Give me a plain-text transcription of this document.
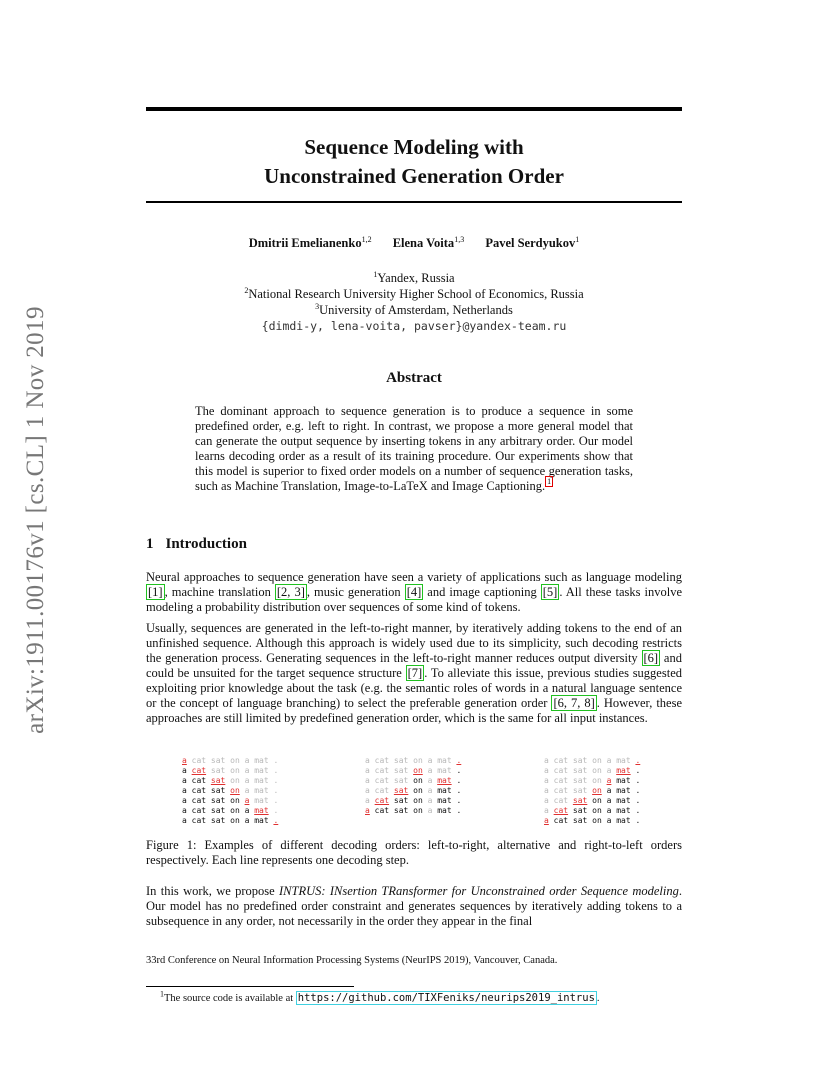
arXiv:1911.00176v1 [cs.CL] 1 Nov 2019
Sequence Modeling with
Unconstrained Generation Order
Dmitrii Emelianenko$^{1,2}$ Elena Voita$^{1,3}$ Pavel Serdyukov$^1$
$^1$Yandex, Russia
$^2$National Research University Higher School of Economics, Russia
$^3$University of Amsterdam, Netherlands
{dimdi-y, lena-voita, pavser}@yandex-team.ru
Abstract
The dominant approach to sequence generation is to produce a sequence in some predefined order, e.g. left to right. In contrast, we propose a more general model that can generate the output sequence by inserting tokens in any arbitrary order. Our model learns decoding order as a result of its training procedure. Our experiments show that this model is superior to fixed order models on a number of sequence generation tasks, such as Machine Translation, Image-to-LaTeX and Image Captioning. $^1$
1 Introduction
Neural approaches to sequence generation have seen a variety of applications such as language modeling [1] , machine translation [2, 3] , music generation [4] and image captioning [5] . All these tasks involve modeling a probability distribution over sequences of some kind of tokens.
Usually, sequences are generated in the left-to-right manner, by iteratively adding tokens to the end of an unfinished sequence. Although this approach is widely used due to its simplicity, such decoding restricts the generation process. Generating sequences in the left-to-right manner reduces output diversity [6] and could be unsuited for the target sequence structure [7] . To alleviate this issue, previous studies suggested exploiting prior knowledge about the task (e.g. the semantic roles of words in a natural language sentence or the concept of language branching) to select the preferable generation order [6, 7, 8] . However, these approaches are still limited by predefined generation order, which is the same for all input instances.
a cat sat on a mat .
a cat sat on a mat .
a cat sat on a mat .
a cat sat on a mat .
a cat sat on a mat .
a cat sat on a mat .
a cat sat on a mat .
a cat sat on a mat .
a cat sat on a mat .
a cat sat on a mat .
a cat sat on a mat .
a cat sat on a mat .
a cat sat on a mat .
a cat sat on a mat .
a cat sat on a mat .
a cat sat on a mat .
a cat sat on a mat .
a cat sat on a mat .
a cat sat on a mat .
a cat sat on a mat .
Figure 1: Examples of different decoding orders: left-to-right, alternative and right-to-left orders respectively. Each line represents one decoding step.
In this work, we propose INTRUS: INsertion TRansformer for Unconstrained order Sequence modeling. Our model has no predefined order constraint and generates sequences by iteratively adding tokens to a subsequence in any order, not necessarily in the order they appear in the final
33rd Conference on Neural Information Processing Systems (NeurIPS 2019), Vancouver, Canada.
$^1$The source code is available at https://github.com/TIXFeniks/neurips2019_intrus .
